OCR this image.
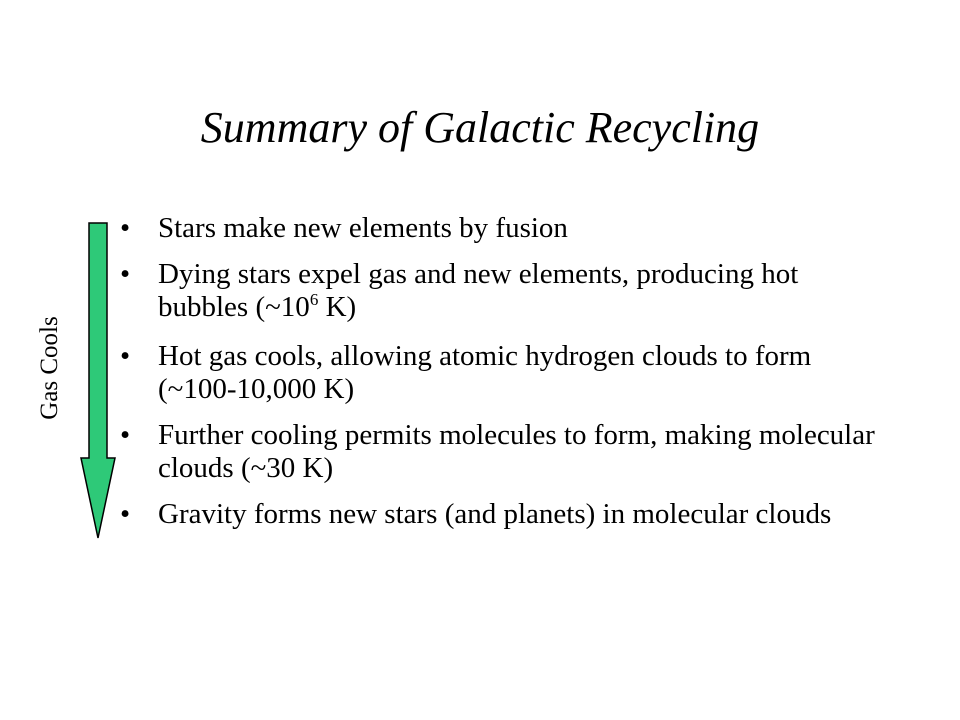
Summary of Galactic Recycling
Gas Cools
• Stars make new elements by fusion
• Dying stars expel gas and new elements, producing hot bubbles ($\sim 10^6$ K)
• Hot gas cools, allowing atomic hydrogen clouds to form (~100-10,000 K)
• Further cooling permits molecules to form, making molecular clouds (~30 K)
• Gravity forms new stars (and planets) in molecular clouds
